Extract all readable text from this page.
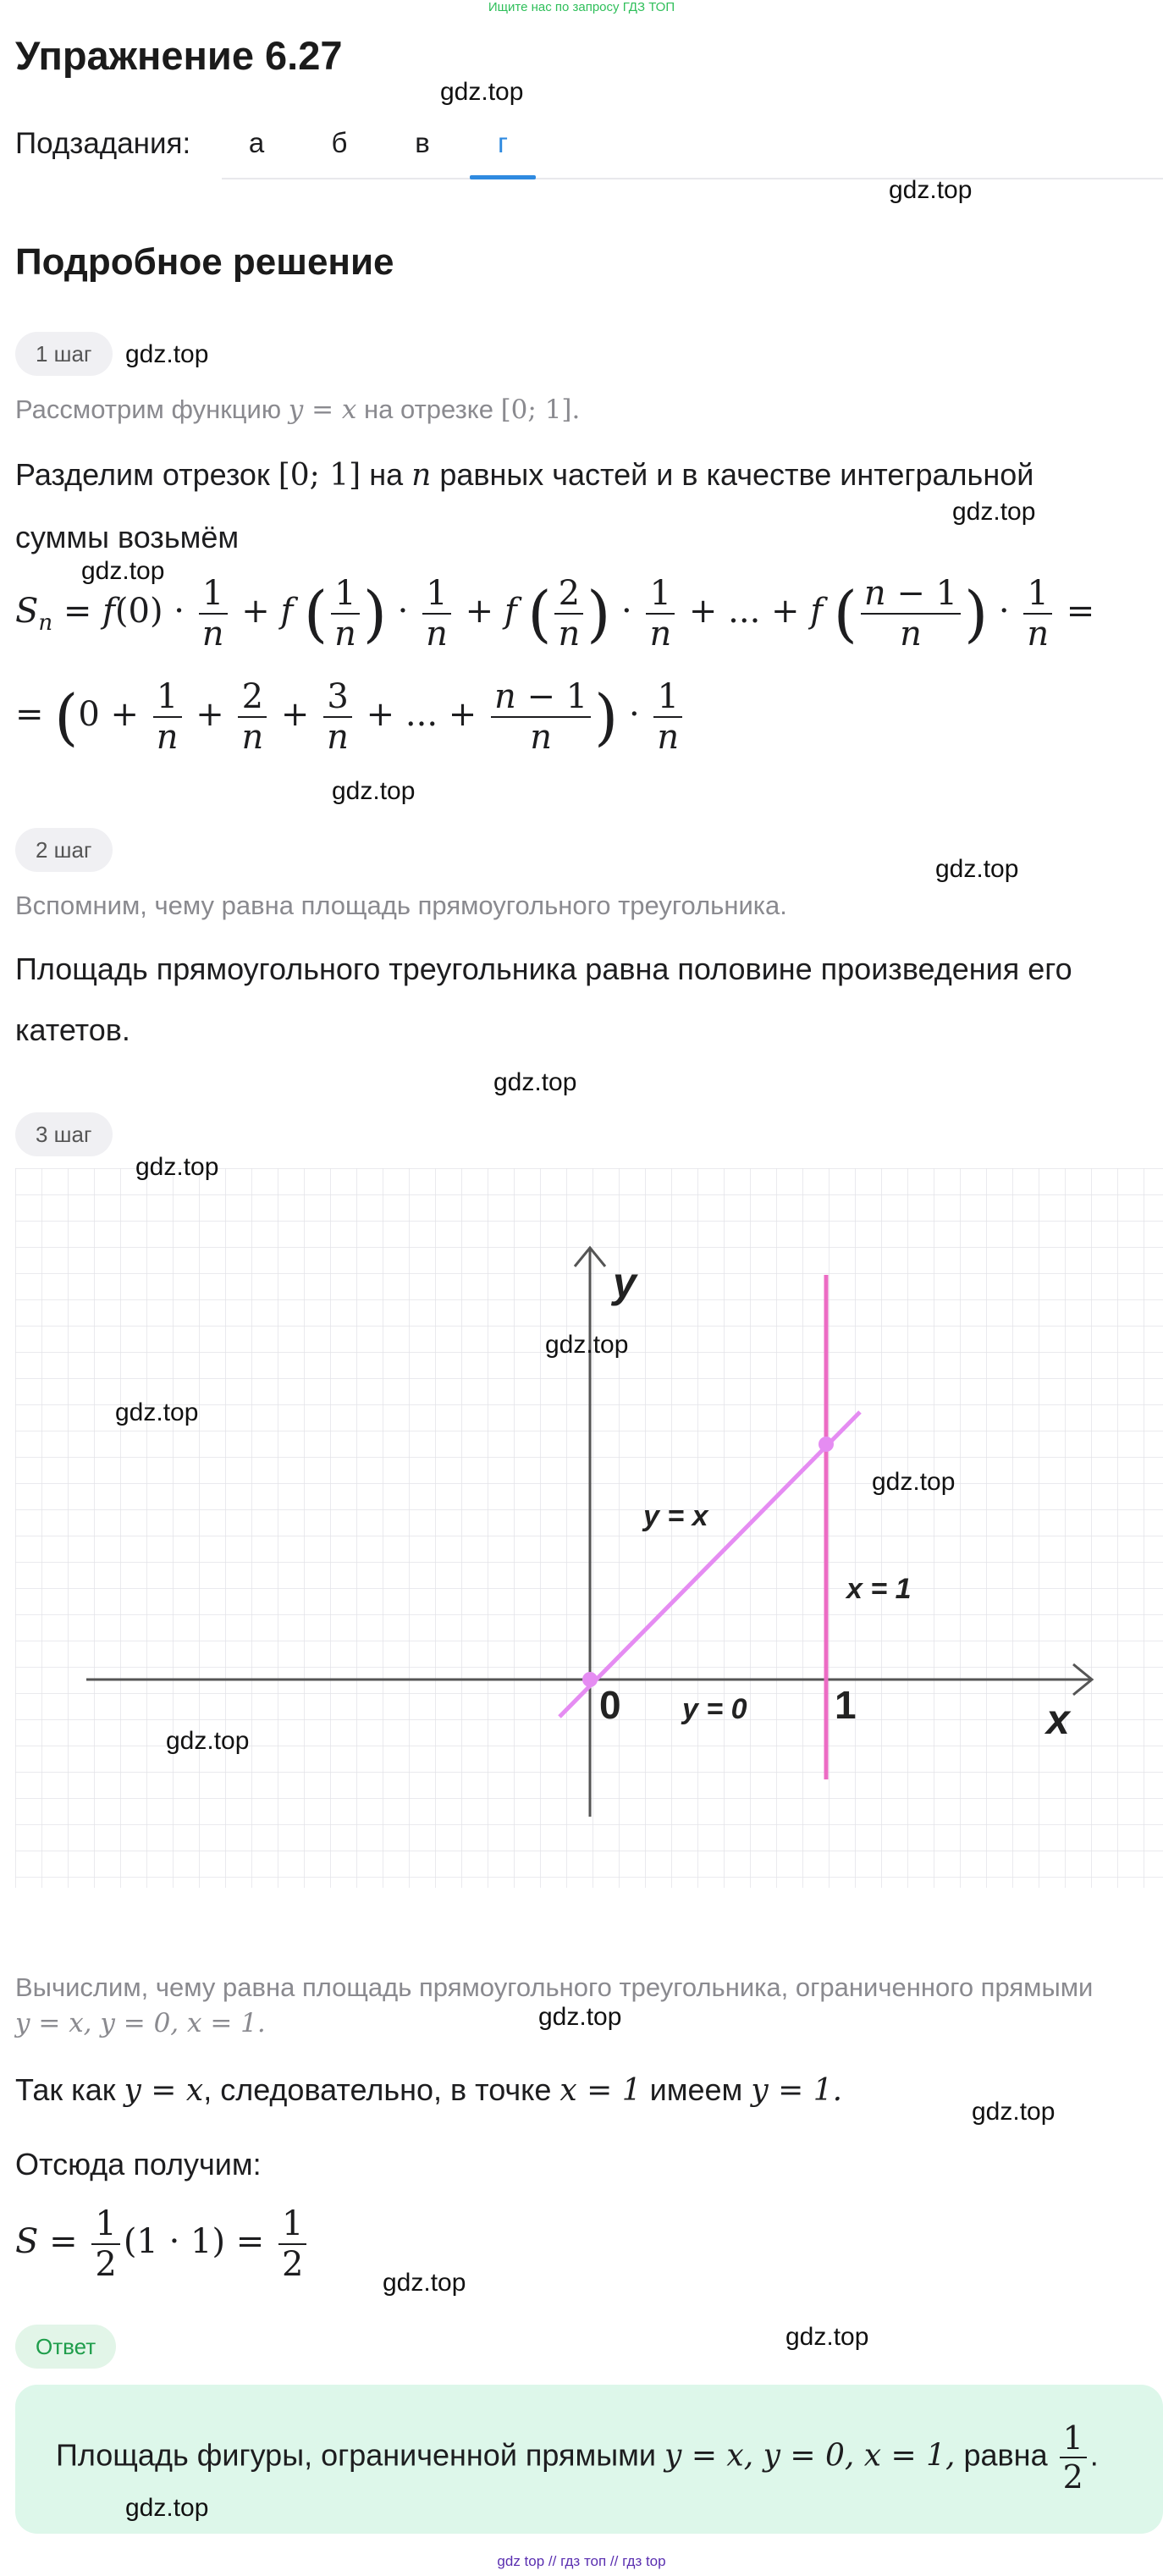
Ищите нас по запросу ГДЗ ТОП
Упражнение 6.27
gdz.top
Подзадания:	а	б	в	г
gdz.top
Подробное решение
1 шаг	gdz.top
Рассмотрим функцию y = x на отрезке [0; 1].
Разделим отрезок [0; 1] на n равных частей и в качестве интегральной
суммы возьмём
gdz.top
gdz.top
$S_n = f(0) \cdot \frac{1}{n} + f$ ( $\frac{1}{n}$ ) · $\frac{1}{n} + f$ ( $\frac{2}{n}$ ) · $\frac{1}{n}$ + ... + f ( $\frac{n - 1}{n}$ ) · $\frac{1}{n}$ =
= ($0 + \frac{1}{n} + \frac{2}{n} + \frac{3}{n}$ + ... + $\frac{n - 1}{n}$ ) · $\frac{1}{n}$
gdz.top
2 шаг
gdz.top
Вспомним, чему равна площадь прямоугольного треугольника.
Площадь прямоугольного треугольника равна половине произведения его
катетов.
gdz.top
3 шаг
y
x
0	1
y = x
x = 1
y = 0
gdz.top
gdz.top
gdz.top
gdz.top
gdz.top
Вычислим, чему равна площадь прямоугольного треугольника, ограниченного прямыми
y = x, y = 0, x = 1.	gdz.top
Так как y = x, следовательно, в точке x = 1 имеем y = 1.
gdz.top
Отсюда получим:
$S = \frac{1}{2} (1 \cdot 1) = \frac{1}{2}$	gdz.top
gdz.top
Ответ
Площадь фигуры, ограниченной прямыми y = x, y = 0, x = 1, равна $\frac{1}{2}$ .
gdz.top
gdz top // гдз топ // гдз top
